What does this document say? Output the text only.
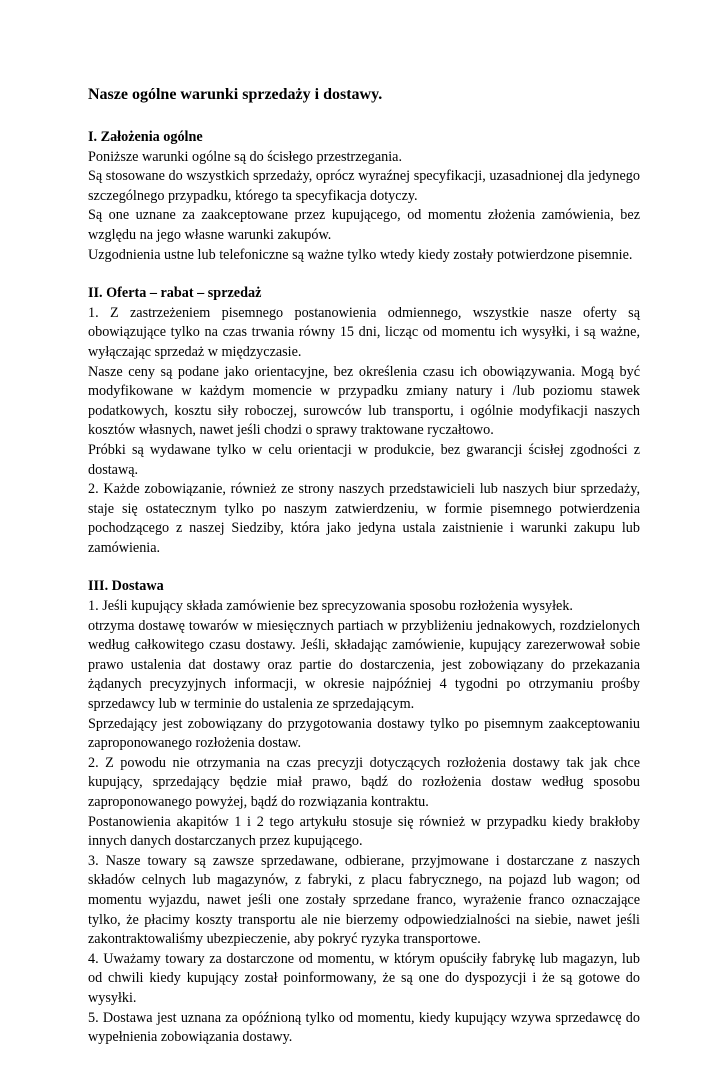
Nasze ogólne warunki sprzedaży i dostawy.

I. Założenia ogólne

Poniższe warunki ogólne są do ścisłego przestrzegania.

Są stosowane do wszystkich sprzedaży, oprócz wyraźnej specyfikacji, uzasadnionej dla jedynego szczególnego przypadku, którego ta specyfikacja dotyczy.

Są one uznane za zaakceptowane przez kupującego, od momentu złożenia zamówienia, bez względu na jego własne warunki zakupów.

Uzgodnienia ustne lub telefoniczne są ważne tylko wtedy kiedy zostały potwierdzone pisemnie.

II. Oferta – rabat – sprzedaż

1. Z zastrzeżeniem pisemnego postanowienia odmiennego, wszystkie nasze oferty są obowiązujące tylko na czas trwania równy 15 dni, licząc od momentu ich wysyłki, i są ważne, wyłączając sprzedaż w międzyczasie.

Nasze ceny są podane jako orientacyjne, bez określenia czasu ich obowiązywania. Mogą być modyfikowane w każdym momencie w przypadku zmiany natury i /lub poziomu stawek podatkowych, kosztu siły roboczej, surowców lub transportu, i ogólnie modyfikacji naszych kosztów własnych, nawet jeśli chodzi o sprawy traktowane ryczałtowo.

Próbki są wydawane tylko w celu orientacji w produkcie, bez gwarancji ścisłej zgodności z dostawą.

2. Każde zobowiązanie, również ze strony naszych przedstawicieli lub naszych biur sprzedaży, staje się ostatecznym tylko po naszym zatwierdzeniu, w formie pisemnego potwierdzenia pochodzącego z naszej Siedziby, która jako jedyna ustala zaistnienie i warunki zakupu lub zamówienia.

III. Dostawa

1. Jeśli kupujący składa zamówienie bez sprecyzowania sposobu rozłożenia wysyłek.

otrzyma dostawę towarów w miesięcznych partiach w przybliżeniu jednakowych, rozdzielonych według całkowitego czasu dostawy. Jeśli, składając zamówienie, kupujący zarezerwował sobie prawo ustalenia dat dostawy oraz partie do dostarczenia, jest zobowiązany do przekazania żądanych precyzyjnych informacji, w okresie najpóźniej 4 tygodni po otrzymaniu prośby sprzedawcy lub w terminie do ustalenia ze sprzedającym.

Sprzedający jest zobowiązany do przygotowania dostawy tylko po pisemnym zaakceptowaniu zaproponowanego rozłożenia dostaw.

2. Z powodu nie otrzymania na czas precyzji dotyczących rozłożenia dostawy tak jak chce kupujący, sprzedający będzie miał prawo, bądź do rozłożenia dostaw według sposobu zaproponowanego powyżej, bądź do rozwiązania kontraktu.

Postanowienia akapitów 1 i 2 tego artykułu stosuje się również w przypadku kiedy brakłoby innych danych dostarczanych przez kupującego.

3. Nasze towary są zawsze sprzedawane, odbierane, przyjmowane i dostarczane z naszych składów celnych lub magazynów, z fabryki, z placu fabrycznego, na pojazd lub wagon; od momentu wyjazdu, nawet jeśli one zostały sprzedane franco, wyrażenie franco oznaczające tylko, że płacimy koszty transportu ale nie bierzemy odpowiedzialności na siebie, nawet jeśli zakontraktowaliśmy ubezpieczenie, aby pokryć ryzyka transportowe.

4. Uważamy towary za dostarczone od momentu, w którym opuściły fabrykę lub magazyn, lub od chwili kiedy kupujący został poinformowany, że są one do dyspozycji i że są gotowe do wysyłki.

5. Dostawa jest uznana za opóźnioną tylko od momentu, kiedy kupujący wzywa sprzedawcę do wypełnienia zobowiązania dostawy.
